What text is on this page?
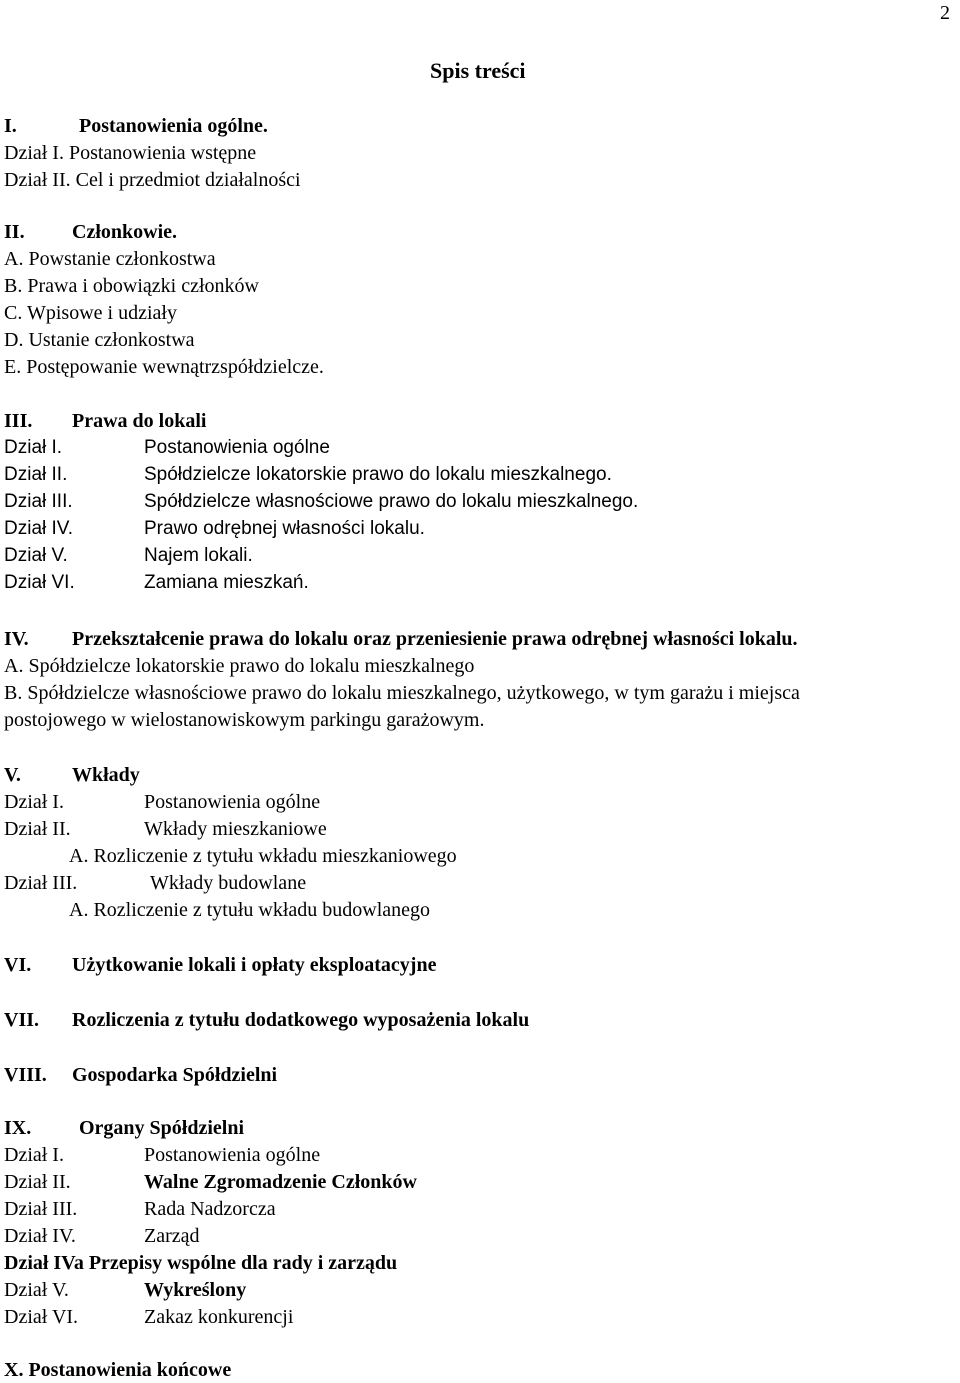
2
Spis treści
I.	Postanowienia ogólne.
Dział I. Postanowienia wstępne
Dział II. Cel i przedmiot działalności
II. Członkowie.
A. Powstanie członkostwa
B. Prawa i obowiązki członków
C. Wpisowe i udziały
D. Ustanie członkostwa
E. Postępowanie wewnątrzspółdzielcze.
III. Prawa do lokali
Dział I.	Postanowienia ogólne
Dział II.	Spółdzielcze lokatorskie prawo do lokalu mieszkalnego.
Dział III.	Spółdzielcze własnościowe prawo do lokalu mieszkalnego.
Dział IV.	Prawo odrębnej własności lokalu.
Dział V.	Najem lokali.
Dział VI.	Zamiana mieszkań.
IV. Przekształcenie prawa do lokalu oraz przeniesienie prawa odrębnej własności lokalu.
A. Spółdzielcze lokatorskie prawo do lokalu mieszkalnego
B. Spółdzielcze własnościowe prawo do lokalu mieszkalnego, użytkowego, w tym garażu i miejsca
postojowego w wielostanowiskowym parkingu garażowym.
V.	Wkłady
Dział I.	Postanowienia ogólne
Dział II.	Wkłady mieszkaniowe
A. Rozliczenie z tytułu wkładu mieszkaniowego
Dział III.	Wkłady budowlane
A. Rozliczenie z tytułu wkładu budowlanego
VI. Użytkowanie lokali i opłaty eksploatacyjne
VII. Rozliczenia z tytułu dodatkowego wyposażenia lokalu
VIII. Gospodarka Spółdzielni
IX. Organy Spółdzielni
Dział I.	Postanowienia ogólne
Dział II.	Walne Zgromadzenie Członków
Dział III.	Rada Nadzorcza
Dział IV.	Zarząd
Dział IVa Przepisy wspólne dla rady i zarządu
Dział V.	Wykreślony
Dział VI.	Zakaz konkurencji
X. Postanowienia końcowe
